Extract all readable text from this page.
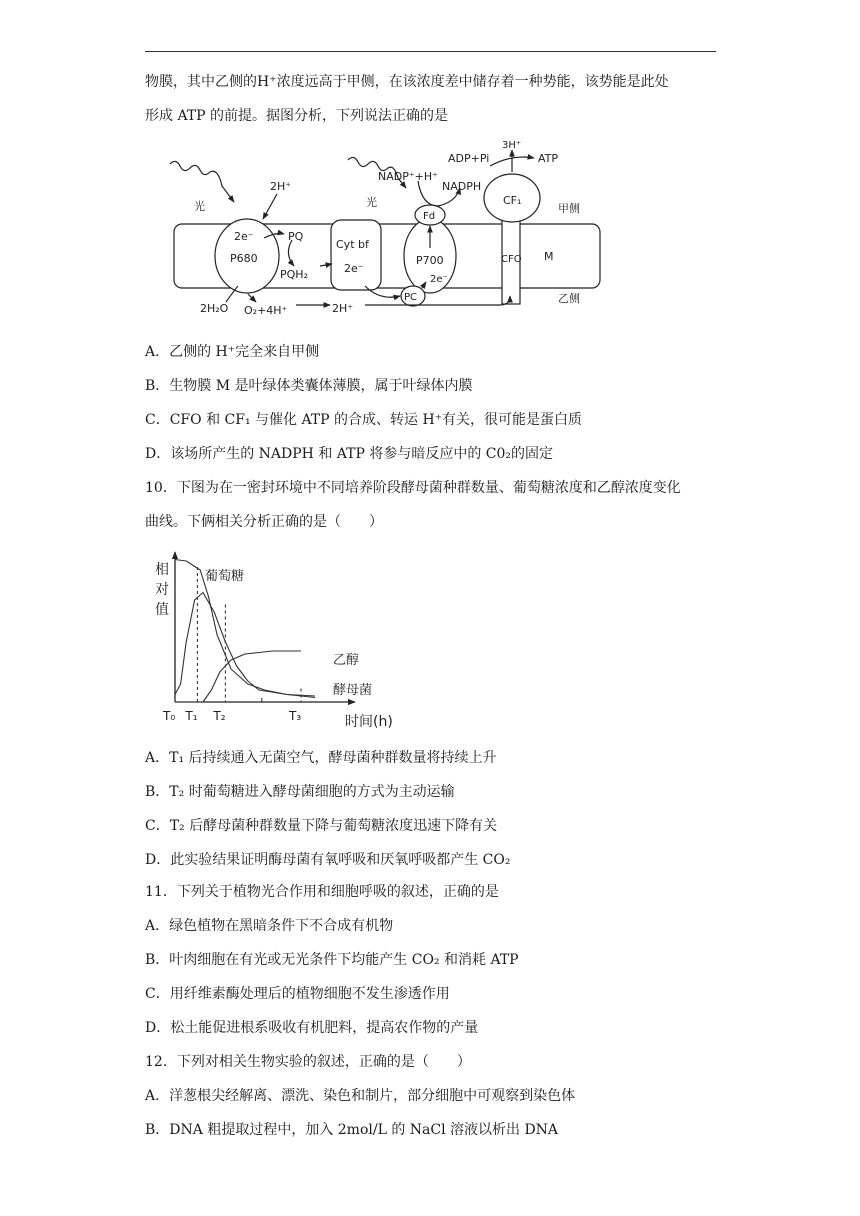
物膜，其中乙侧的H⁺浓度远高于甲侧，在该浓度差中储存着一种势能，该势能是此处
形成 ATP 的前提。据图分析，下列说法正确的是
光	光
2H⁺
2e⁻
P680
PQ
PQH₂
Cyt bf
2e⁻
Fd
P700
2e⁻
PC
NADP⁺+H⁺
NADPH
ADP+Pi
3H⁺
ATP
CF₁
CFO
甲侧
乙侧
M
2H₂O O₂+4H⁺	2H⁺
A．乙侧的 H⁺完全来自甲侧
B．生物膜 M 是叶绿体类囊体薄膜，属于叶绿体内膜
C．CFO 和 CF₁ 与催化 ATP 的合成、转运 H⁺有关，很可能是蛋白质
D．该场所产生的 NADPH 和 ATP 将参与暗反应中的 C0₂的固定
10．下图为在一密封环境中不同培养阶段酵母菌种群数量、葡萄糖浓度和乙醇浓度变化
曲线。下俩相关分析正确的是（　　）
相
对
值
时间(h)
T₀ T₁ T₂	T₃
葡萄糖
乙醇
酵母菌
A．T₁ 后持续通入无菌空气，酵母菌种群数量将持续上升
B．T₂ 时葡萄糖进入酵母菌细胞的方式为主动运输
C．T₂ 后酵母菌种群数量下降与葡萄糖浓度迅速下降有关
D．此实验结果证明酶母菌有氧呼吸和厌氧呼吸都产生 CO₂
11．下列关于植物光合作用和细胞呼吸的叙述，正确的是
A．绿色植物在黑暗条件下不合成有机物
B．叶肉细胞在有光或无光条件下均能产生 CO₂ 和消耗 ATP
C．用纤维素酶处理后的植物细胞不发生渗透作用
D．松土能促进根系吸收有机肥料，提高农作物的产量
12．下列对相关生物实验的叙述，正确的是（　　）
A．洋葱根尖经解离、漂洗、染色和制片，部分细胞中可观察到染色体
B．DNA 粗提取过程中，加入 2mol/L 的 NaCl 溶液以析出 DNA
